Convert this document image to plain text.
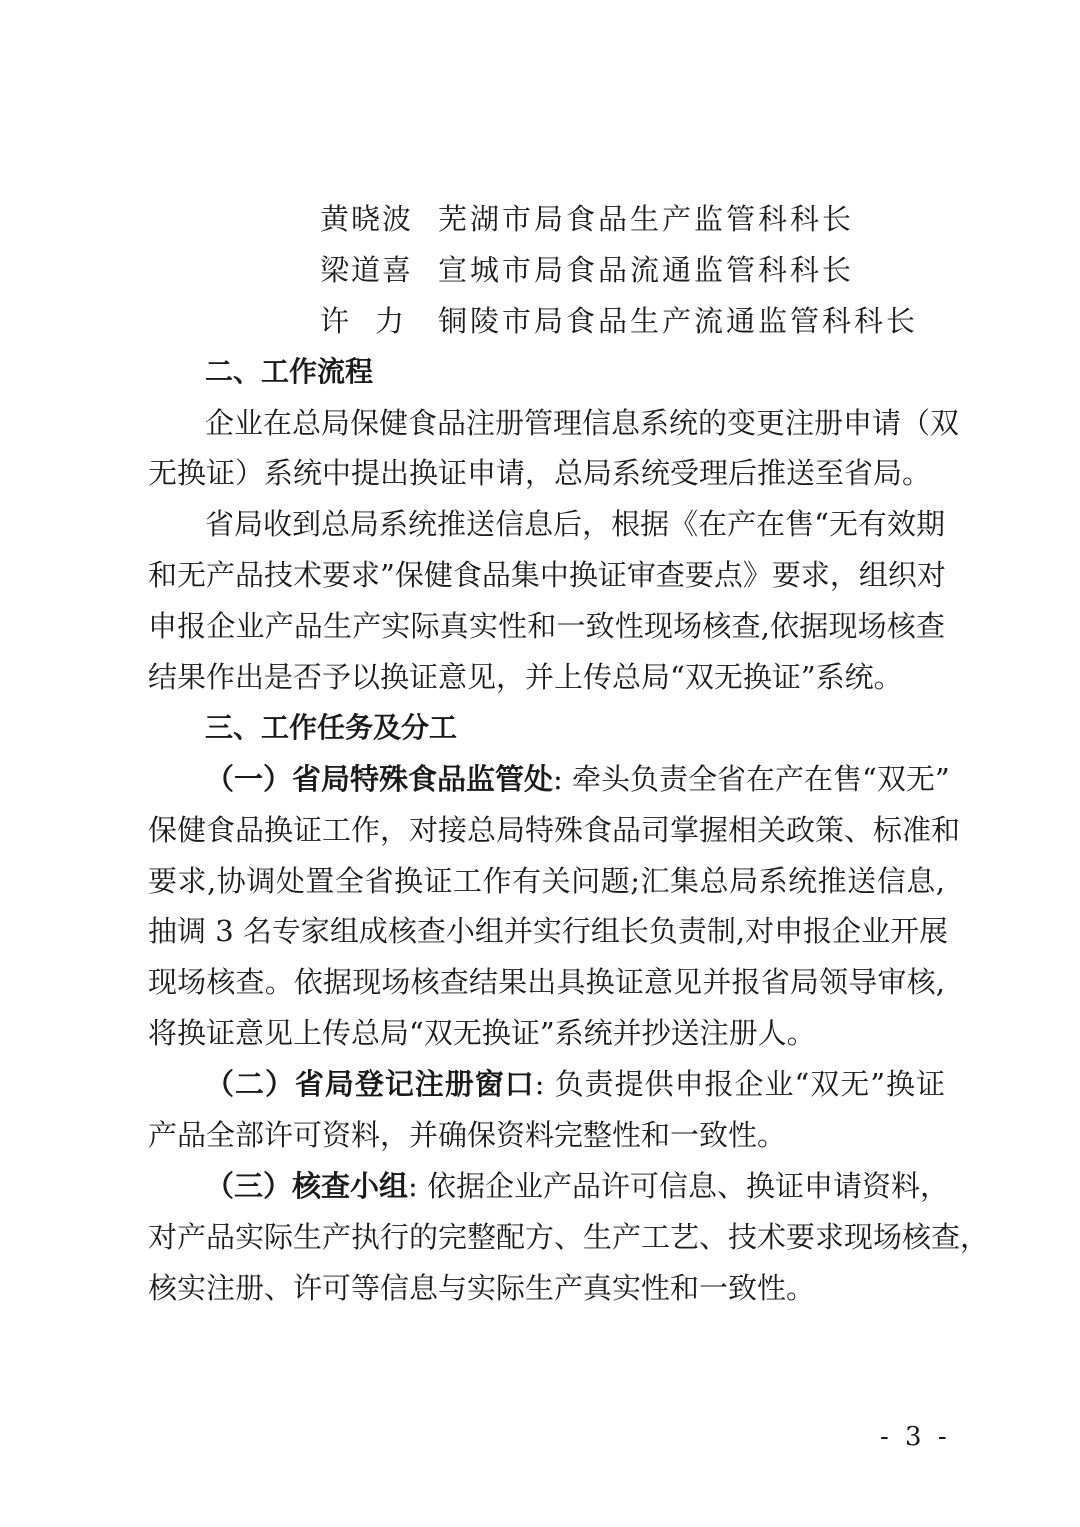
黄晓波 芜湖市局食品生产监管科科长
梁道喜 宣城市局食品流通监管科科长
许力 铜陵市局食品生产流通监管科科长
二、工作流程
企业在总局保健食品注册管理信息系统的变更注册申请（双
无换证）系统中提出换证申请，总局系统受理后推送至省局。
省局收到总局系统推送信息后，根据《在产在售“无有效期
和无产品技术要求”保健食品集中换证审查要点》要求，组织对
申报企业产品生产实际真实性和一致性现场核查,依据现场核查
结果作出是否予以换证意见，并上传总局“双无换证”系统。
三、工作任务及分工
（一）省局特殊食品监管处: 牵头负责全省在产在售“双无”
保健食品换证工作，对接总局特殊食品司掌握相关政策、标准和
要求,协调处置全省换证工作有关问题;汇集总局系统推送信息,
抽调 3 名专家组成核查小组并实行组长负责制,对申报企业开展
现场核查。依据现场核查结果出具换证意见并报省局领导审核,
将换证意见上传总局“双无换证”系统并抄送注册人。
（二）省局登记注册窗口: 负责提供申报企业“双无”换证
产品全部许可资料，并确保资料完整性和一致性。
（三）核查小组: 依据企业产品许可信息、换证申请资料，
对产品实际生产执行的完整配方、生产工艺、技术要求现场核查，
核实注册、许可等信息与实际生产真实性和一致性。
- 3 -
